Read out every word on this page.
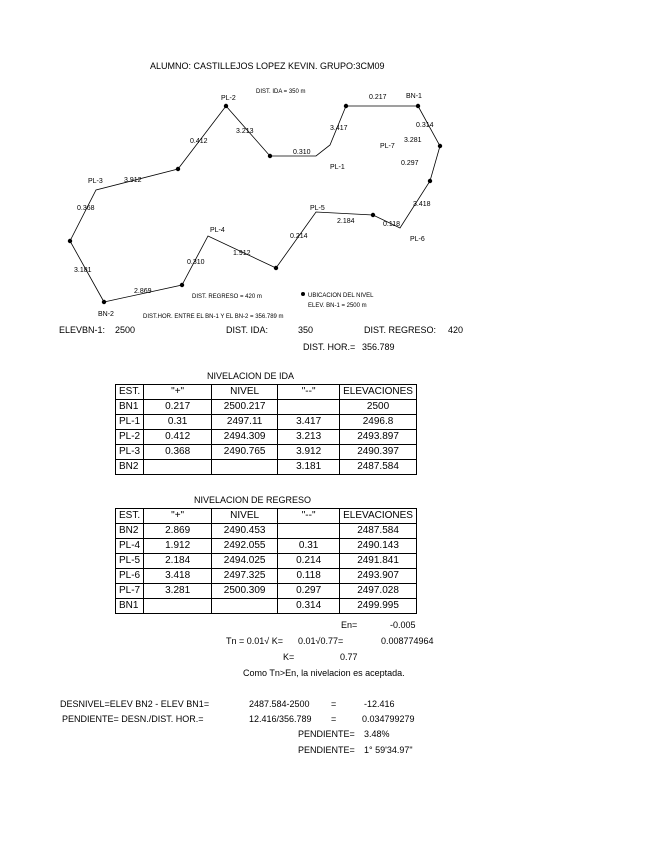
ALUMNO: CASTILLEJOS LOPEZ KEVIN. GRUPO:3CM09
BN-1
PL-1
PL-2
PL-3
BN-2
PL-4
PL-5
PL-6
PL-7
0.217
3.417
0.310
3.213
0.412
3.912
0.368
3.181
0.314
3.281
0.297
3.418
0.118
2.184
0.214
1.912
0.310
2.869
DIST. IDA = 350 m
DIST. REGRESO = 420 m	UBICACION DEL NIVEL
ELEV. BN-1 = 2500 m
DIST.HOR. ENTRE EL BN-1 Y EL BN-2 = 356.789 m
ELEVBN-1: 2500	DIST. IDA:	350	DIST. REGRESO: 420
DIST. HOR.= 356.789
NIVELACION DE IDA
EST.	"+"	NIVEL	"--"	ELEVACIONES
BN1	0.217	2500.217		2500
PL-1	0.31	2497.11	3.417	2496.8
PL-2	0.412	2494.309	3.213	2493.897
PL-3	0.368	2490.765	3.912	2490.397
BN2			3.181	2487.584
NIVELACION DE REGRESO
EST.	"+"	NIVEL	"--"	ELEVACIONES
BN2	2.869	2490.453		2487.584
PL-4	1.912	2492.055	0.31	2490.143
PL-5	2.184	2494.025	0.214	2491.841
PL-6	3.418	2497.325	0.118	2493.907
PL-7	3.281	2500.309	0.297	2497.028
BN1			0.314	2499.995
En=	-0.005
Tn = 0.01√ K= 0.01√0.77=	0.008774964
K=	0.77
Como Tn>En, la nivelacion es aceptada.
DESNIVEL=ELEV BN2 - ELEV BN1=	2487.584-2500 =	-12.416
PENDIENTE= DESN./DIST. HOR.=	12.416/356.789 =	0.034799279
PENDIENTE= 3.48%
PENDIENTE= 1° 59'34.97"
